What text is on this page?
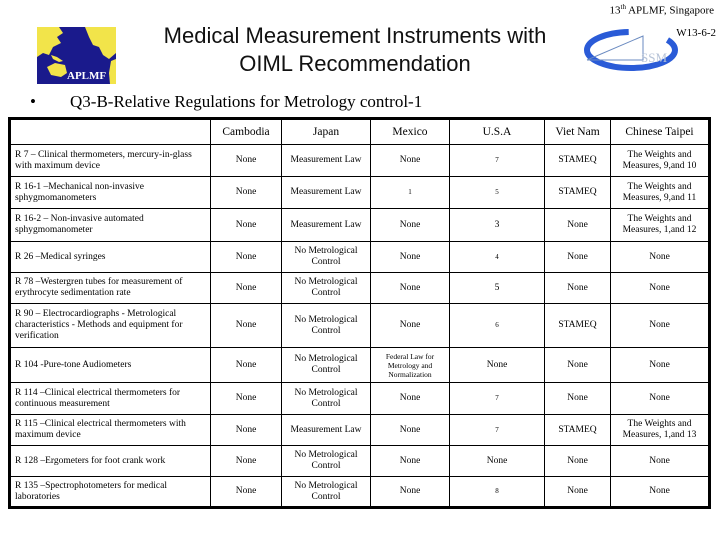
13th APLMF, Singapore
W13-6-2
APLMF
SSM
Medical Measurement Instruments with
OIML Recommendation
• Q3-B-Relative Regulations for Metrology control-1
	Cambodia	Japan	Mexico	U.S.A	Viet Nam	Chinese Taipei
R 7 – Clinical thermometers, mercury-in-glass with maximum device	None	Measurement Law	None	7	STAMEQ	The Weights and Measures, 9,and 10
R 16-1 –Mechanical non-invasive sphygmomanometers	None	Measurement Law	1	5	STAMEQ	The Weights and Measures, 9,and 11
R 16-2 – Non-invasive automated sphygmomanometer	None	Measurement Law	None	3	None	The Weights and Measures, 1,and 12
R 26 –Medical syringes	None	No Metrological Control	None	4	None	None
R 78 –Westergren tubes for measurement of erythrocyte sedimentation rate	None	No Metrological Control	None	5	None	None
R 90 – Electrocardiographs - Metrological characteristics - Methods and equipment for verification	None	No Metrological Control	None	6	STAMEQ	None
R 104 -Pure-tone Audiometers	None	No Metrological Control	Federal Law for Metrology and Normalization	None	None	None
R 114 –Clinical electrical thermometers for continuous measurement	None	No Metrological Control	None	7	None	None
R 115 –Clinical electrical thermometers with maximum device	None	Measurement Law	None	7	STAMEQ	The Weights and Measures, 1,and 13
R 128 –Ergometers for foot crank work	None	No Metrological Control	None	None	None	None
R 135 –Spectrophotometers for medical laboratories	None	No Metrological Control	None	8	None	None
